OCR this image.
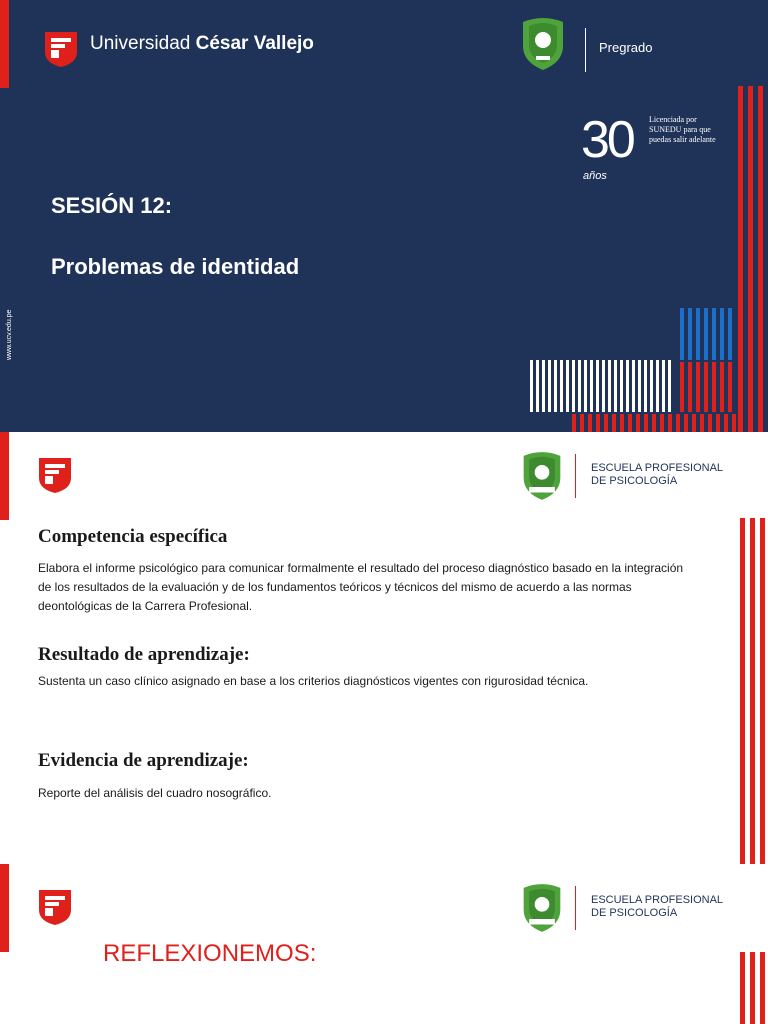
Universidad César Vallejo	Pregrado
30
años
Licenciada por SUNEDU para que puedas salir adelante
SESIÓN 12:
Problemas de identidad
www.ucv.edu.pe
ESCUELA PROFESIONAL
DE PSICOLOGÍA
Competencia específica
Elabora el informe psicológico para comunicar formalmente el resultado del proceso diagnóstico basado en la integración de los resultados de la evaluación y de los fundamentos teóricos y técnicos del mismo de acuerdo a las normas deontológicas de la Carrera Profesional.
Resultado de aprendizaje:
Sustenta un caso clínico asignado en base a los criterios diagnósticos vigentes con rigurosidad técnica.
Evidencia de aprendizaje:
Reporte del análisis del cuadro nosográfico.
ESCUELA PROFESIONAL
DE PSICOLOGÍA
REFLEXIONEMOS:
